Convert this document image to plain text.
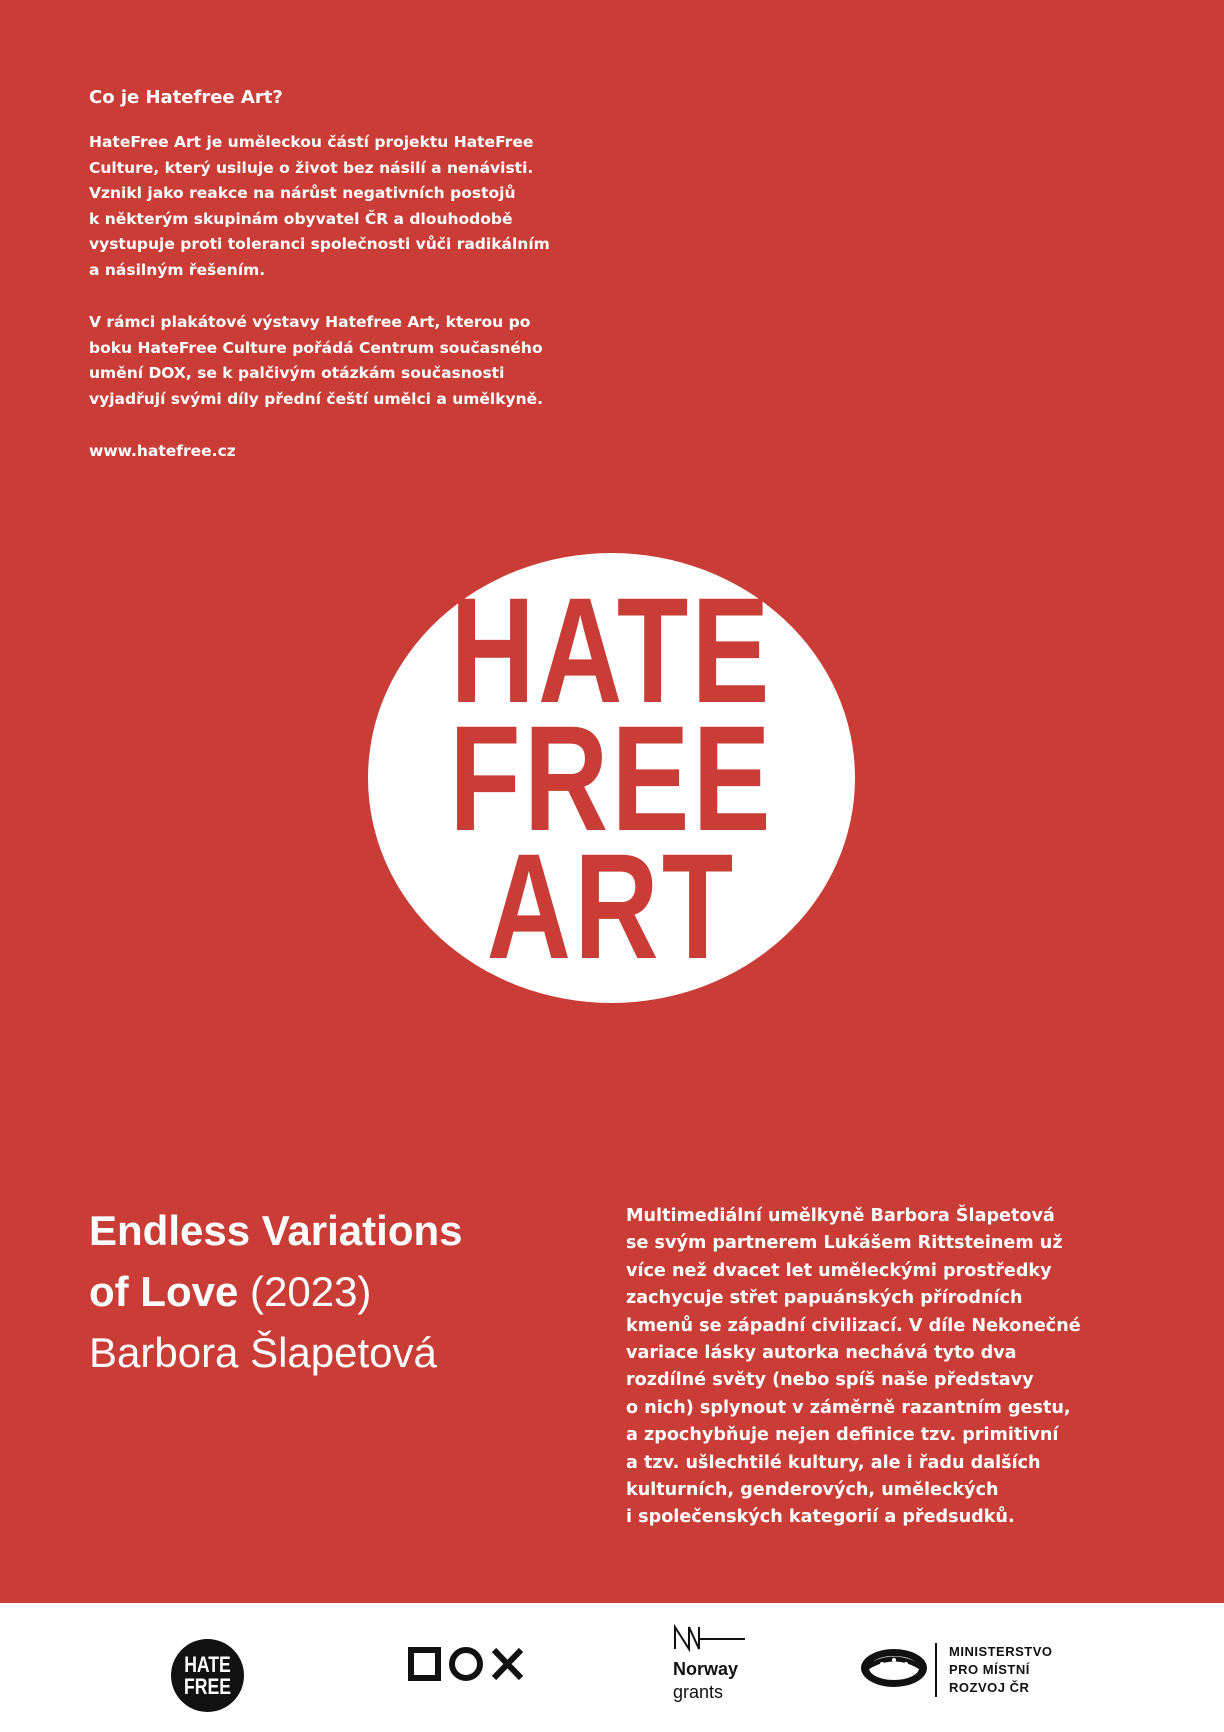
Co je Hatefree Art?

HateFree Art je uměleckou částí projektu HateFree
Culture, který usiluje o život bez násilí a nenávisti.
Vznikl jako reakce na nárůst negativních postojů
k některým skupinám obyvatel ČR a dlouhodobě
vystupuje proti toleranci společnosti vůči radikálním
a násilným řešením.

V rámci plakátové výstavy Hatefree Art, kterou po
boku HateFree Culture pořádá Centrum současného
umění DOX, se k palčivým otázkám současnosti
vyjadřují svými díly přední čeští umělci a umělkyně.

www.hatefree.cz

HATE
FREE
ART
Endless Variations
of Love (2023)
Barbora Šlapetová

Multimediální umělkyně Barbora Šlapetová
se svým partnerem Lukášem Rittsteinem už
více než dvacet let uměleckými prostředky
zachycuje střet papuánských přírodních
kmenů se západní civilizací. V díle Nekonečné
variace lásky autorka nechává tyto dva
rozdílné světy (nebo spíš naše představy
o nich) splynout v záměrně razantním gestu,
a zpochybňuje nejen definice tzv. primitivní
a tzv. ušlechtilé kultury, ale i řadu dalších
kulturních, genderových, uměleckých
i společenských kategorií a předsudků.

HATE
FREE
Norway
grants
MINISTERSTVO
PRO MÍSTNÍ
ROZVOJ ČR
